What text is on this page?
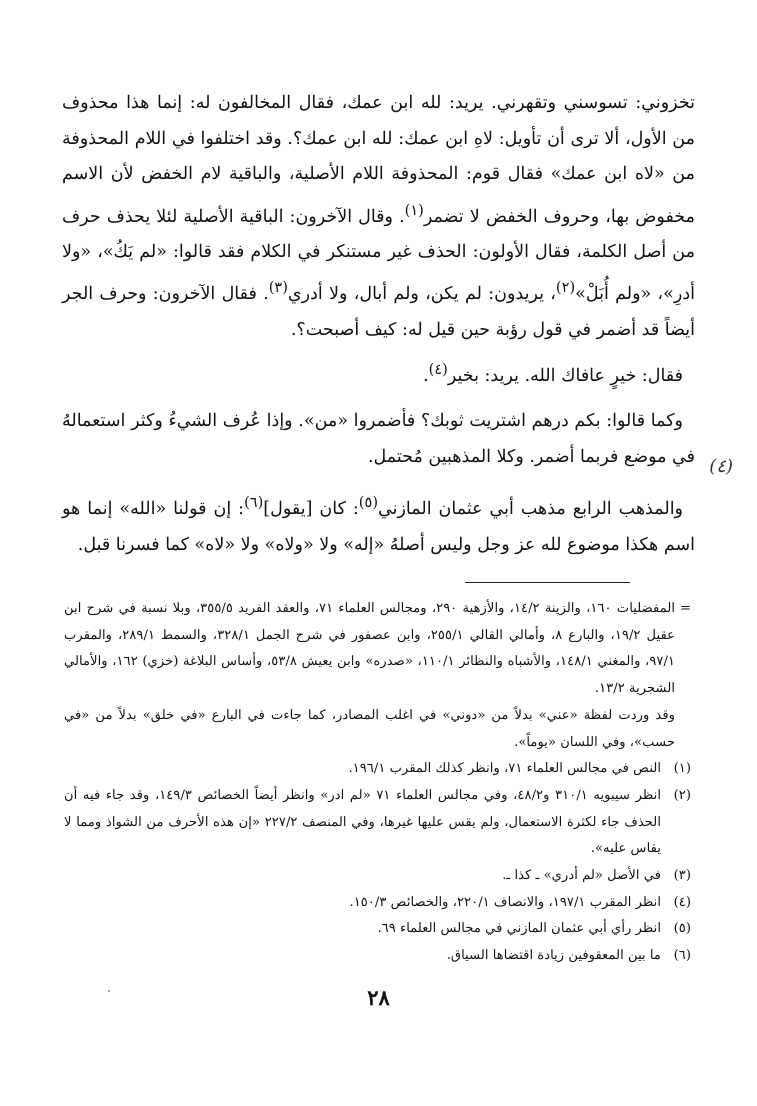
تخزوني: تسوسني وتقهرني. يريد: لله ابن عمك، فقال المخالفون له: إنما هذا محذوف من الأول، ألا ترى أن تأويل: لاهِ ابن عمك: لله ابن عمك؟. وقد اختلفوا في اللام المحذوفة من «لاه ابن عمك» فقال قوم: المحذوفة اللام الأصلية، والباقية لام الخفض لأن الاسم مخفوض بها، وحروف الخفض لا تضمر$^{(١)}$. وقال الآخرون: الباقية الأصلية لئلا يحذف حرف من أصل الكلمة، فقال الأولون: الحذف غير مستنكر في الكلام فقد قالوا: «لم يَكُ»، «ولا أدرِ»، «ولم أُبَلْ»$^{(٢)}$، يريدون: لم يكن، ولم أبال، ولا أدري$^{(٣)}$. فقال الآخرون: وحرف الجر أيضاً قد أضمر في قول رؤبة حين قيل له: كيف أصبحت؟.

فقال: خيرٍ عافاك الله. يريد: بخير$^{(٤)}$.

وكما قالوا: بكم درهم اشتريت ثوبك؟ فأضمروا «من». وإذا عُرف الشيءُ وكثر استعمالهُ في موضع فربما أضمر. وكلا المذهبين مُحتمل.

والمذهب الرابع مذهب أبي عثمان المازني$^{(٥)}$: كان [يقول]$^{(٦)}$: إن قولنا «الله» إنما هو اسم هكذا موضوع لله عز وجل وليس أصلهُ «إله» ولا «ولاه» ولا «لاه» كما فسرنا قبل.

(٤)

=
المفضليات ١٦٠، والزينة ١٤/٢، والأزهية ٢٩٠، ومجالس العلماء ٧١، والعقد الفريد ٣٥٥/٥، وبلا نسبة في شرح ابن عقيل ١٩/٢، والبارع ٨، وأمالي القالي ٢٥٥/١، وابن عصفور في شرح الجمل ٣٢٨/١، والسمط ٢٨٩/١، والمقرب ٩٧/١، والمغني ١٤٨/١، والأشباه والنظائر ١١٠/١، «صدره» وابن يعيش ٥٣/٨، وأساس البلاغة (خزي) ١٦٢، والأمالي الشجرية ١٣/٢.

وقد وردت لفظة «عني» بدلاً من «دوني» في اغلب المصادر، كما جاءت في البارع «في خلق» بدلاً من «في حسب»، وفي اللسان «يوماً».

(١)
النص في مجالس العلماء ٧١، وانظر كذلك المقرب ١٩٦/١.

(٢)
انظر سيبويه ٣١٠/١ و٤٨/٢، وفي مجالس العلماء ٧١ «لم ادر» وانظر أيضاً الخصائص ١٤٩/٣، وقد جاء فيه أن الحذف جاء لكثرة الاستعمال، ولم يقس عليها غيرها، وفي المنصف ٢٢٧/٢ «إن هذه الأحرف من الشواذ ومما لا يقاس عليه».

(٣)
في الأصل «لم أدري» ـ كذا ـ.

(٤)
انظر المقرب ١٩٧/١، والانصاف ٢٢٠/١، والخصائص ١٥٠/٣.

(٥)
انظر رأي أبي عثمان المازني في مجالس العلماء ٦٩.

(٦)
ما بين المعقوفين زيادة اقتضاها السياق.

٢٨
